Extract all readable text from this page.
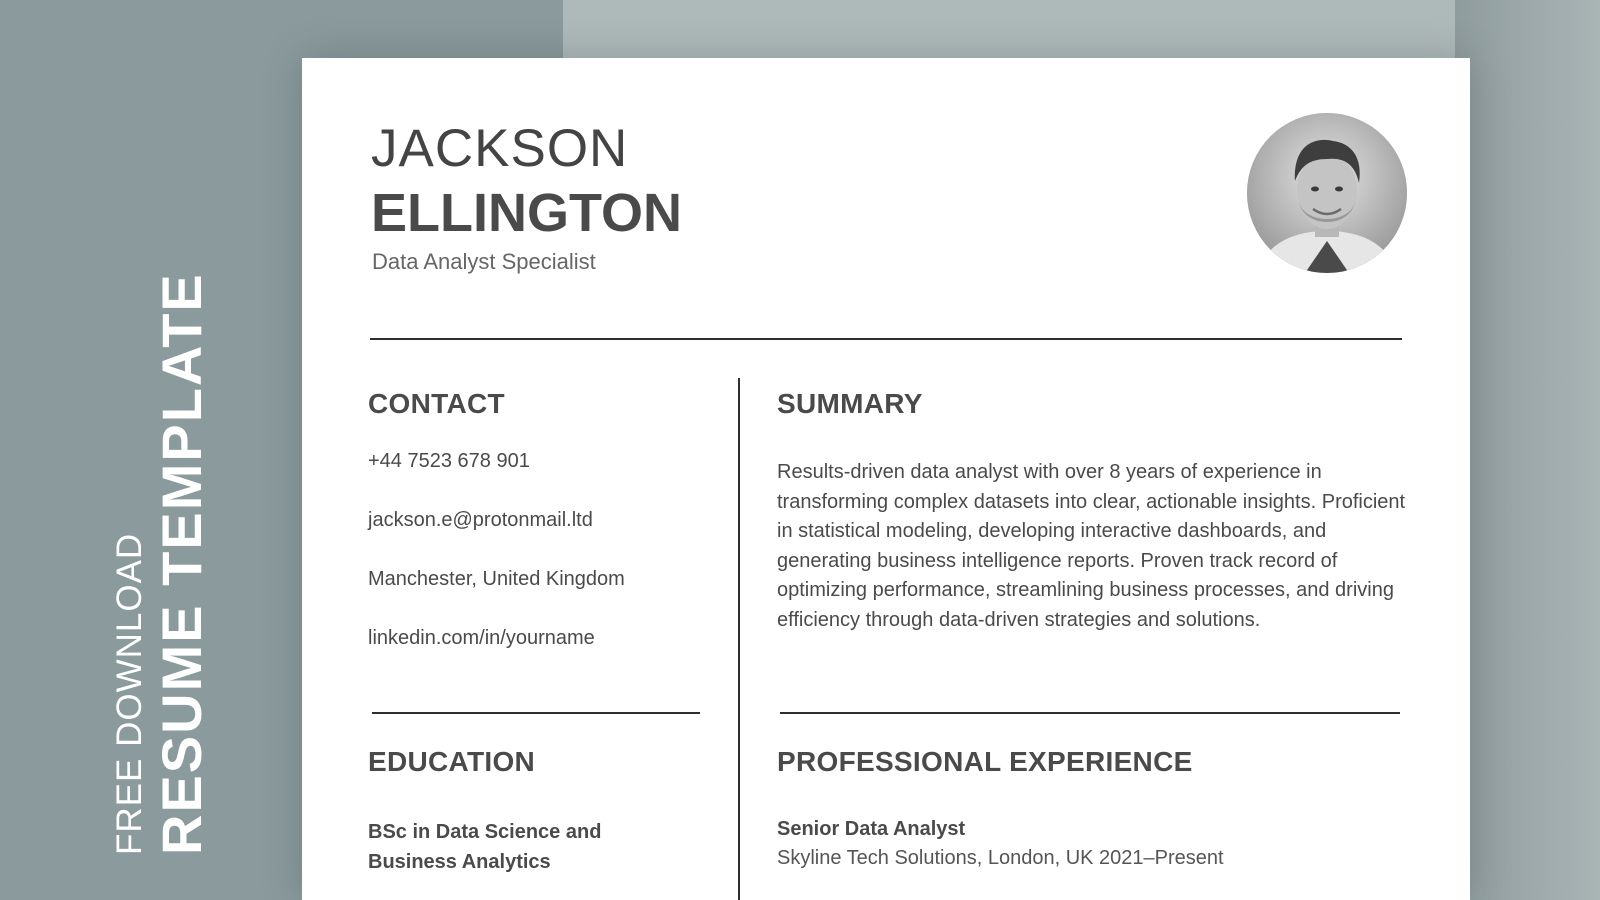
FREE DOWNLOAD RESUME TEMPLATE
JACKSON
ELLINGTON
Data Analyst Specialist
CONTACT
+44 7523 678 901
jackson.e@protonmail.ltd
Manchester, United Kingdom
linkedin.com/in/yourname
SUMMARY
Results-driven data analyst with over 8 years of experience in transforming complex datasets into clear, actionable insights. Proficient in statistical modeling, developing interactive dashboards, and generating business intelligence reports. Proven track record of optimizing performance, streamlining business processes, and driving efficiency through data-driven strategies and solutions.
EDUCATION
BSc in Data Science and Business Analytics
PROFESSIONAL EXPERIENCE
Senior Data Analyst
Skyline Tech Solutions, London, UK 2021–Present
